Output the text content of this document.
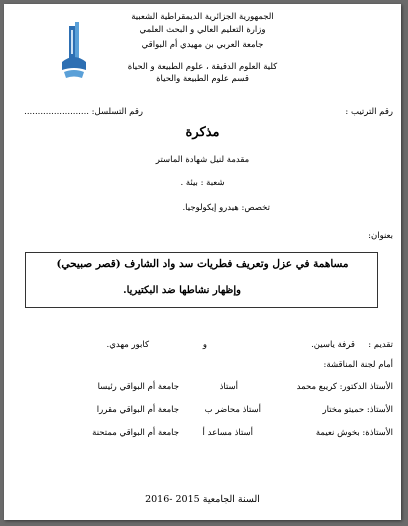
الجمهورية الجزائرية الديمقراطية الشعبية
وزارة التعليم العالي و البحث العلمي
جامعة العربي بن مهيدي أم البواقي
كلية العلوم الدقيقة ، علوم الطبيعة و الحياة
قسم علوم الطبيعة والحياة
رقم الترتيب :
رقم التسلسل:
........................
مذكرة
مقدمة لنيل شهادة الماستر
شعبة : بيئة .
تخصص: هيدرو إيكولوجيا.
بعنوان:
مساهمة في عزل وتعريف فطريات سد واد الشارف (قصر صبيحي)
وإظهار نشاطها ضد البكتيريا.
تقديم :
قرفة ياسين.
و
كابور مهدي.
أمام لجنة المناقشة:
الأستاذ الدكتور: كريبع محمد
أستاذ
جامعة أم البواقي رئيسا
الأستاذ: حميتو مختار
أستاذ محاضر ب
جامعة أم البواقي مقررا
الأستاذة: بخوش نعيمة
أستاذ مساعد أ
جامعة أم البواقي ممتحنة
السنة الجامعية 2015 -2016
